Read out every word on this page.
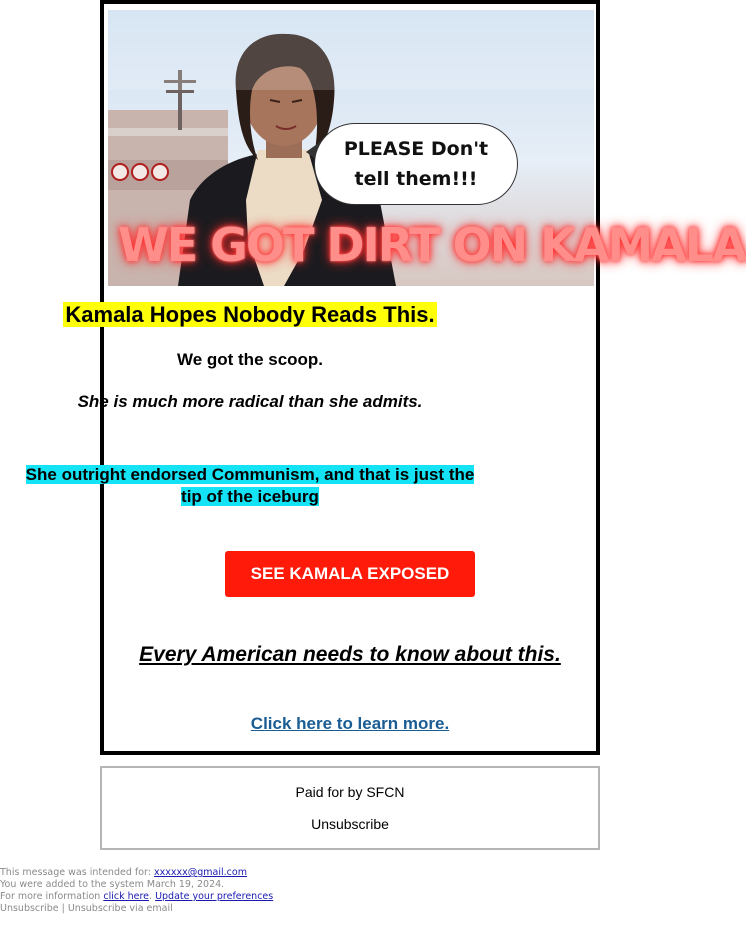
PLEASE Don't tell them!!!
WE GOT DIRT ON KAMALA
Kamala Hopes Nobody Reads This.
We got the scoop.
She is much more radical than she admits.
She outright endorsed Communism, and that is just the tip of the iceburg
SEE KAMALA EXPOSED
Every American needs to know about this.
Click here to learn more.
Paid for by SFCN
Unsubscribe
This message was intended for: xxxxxx@gmail.com
You were added to the system March 19, 2024.
For more information click here. Update your preferences
Unsubscribe | Unsubscribe via email
